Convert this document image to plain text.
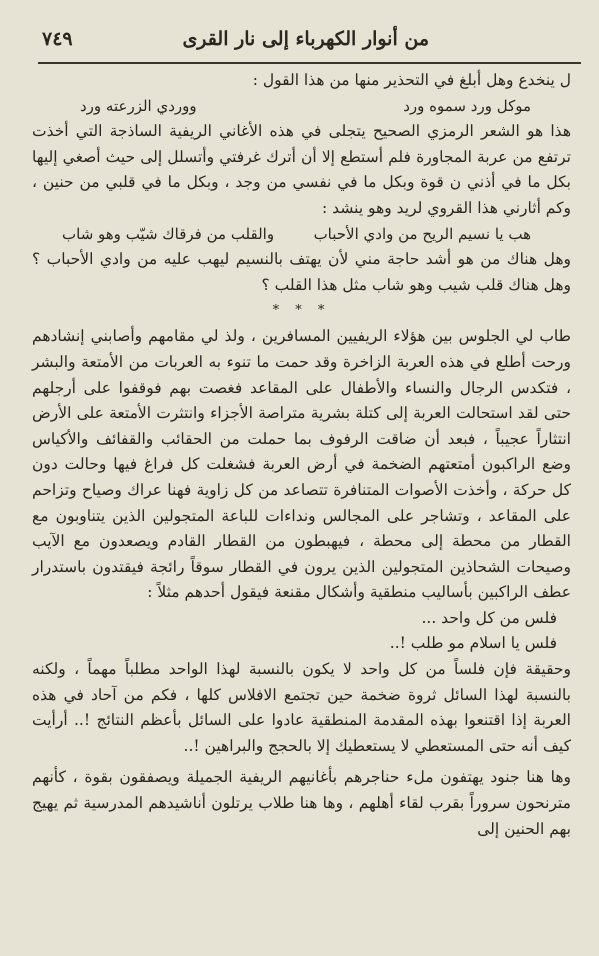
من أنوار الكهرباء إلى نار القرى
٧٤٩

ل ينخدع وهل أبلغ في التحذير منها من هذا القول :

موكل ورد سموه ورد
ووردي الزرعته ورد

هذا هو الشعر الرمزي الصحيح يتجلى في هذه الأغاني الريفية الساذجة التي أخذت ترتفع من عربة المجاورة فلم أستطع إلا أن أترك غرفتي وأتسلل إلى حيث أصغي إليها بكل ما في أذني ن قوة وبكل ما في نفسي من وجد ، وبكل ما في قلبي من حنين ، وكم أثارني هذا القروي لريد وهو ينشد :

هب يا نسيم الريح من وادي الأحباب
والقلب من فرقاك شيّب وهو شاب

وهل هناك من هو أشد حاجة مني لأن يهتف بالنسيم ليهب عليه من وادي الأحباب ؟ وهل هناك قلب شيب وهو شاب مثل هذا القلب ؟

* * *

طاب لي الجلوس بين هؤلاء الريفيين المسافرين ، ولذ لي مقامهم وأصابني إنشادهم ورحت أطلع في هذه العربة الزاخرة وقد حمت ما تنوء به العربات من الأمتعة والبشر ، فتكدس الرجال والنساء والأطفال على المقاعد فغصت بهم فوقفوا على أرجلهم حتى لقد استحالت العربة إلى كتلة بشرية متراصة الأجزاء وانتثرت الأمتعة على الأرض انتثاراً عجيباً ، فبعد أن ضاقت الرفوف بما حملت من الحقائب والقفائف والأكياس وضع الراكبون أمتعتهم الضخمة في أرض العربة فشغلت كل فراغ فيها وحالت دون كل حركة ، وأخذت الأصوات المتنافرة تتصاعد من كل زاوية فهنا عراك وصياح وتزاحم على المقاعد ، وتشاجر على المجالس ونداءات للباعة المتجولين الذين يتناوبون مع القطار من محطة إلى محطة ، فيهبطون من القطار القادم ويصعدون مع الآيب وصيحات الشحاذين المتجولين الذين يرون في القطار سوقاً رائجة فيقتدون باستدرار عطف الراكبين بأساليب منطقية وأشكال مقنعة فيقول أحدهم مثلاً :

فلس من كل واحد ...

فلس يا اسلام مو طلب !..

وحقيقة فإن فلساً من كل واحد لا يكون بالنسبة لهذا الواحد مطلباً مهماً ، ولكنه بالنسبة لهذا السائل ثروة ضخمة حين تجتمع الافلاس كلها ، فكم من آحاد في هذه العربة إذا اقتنعوا بهذه المقدمة المنطقية عادوا على السائل بأعظم النتائج !.. أرأيت كيف أنه حتى المستعطي لا يستعطيك إلا بالحجج والبراهين !..

وها هنا جنود يهتفون ملء حناجرهم بأغانيهم الريفية الجميلة ويصفقون بقوة ، كأنهم مترنحون سروراً بقرب لقاء أهلهم ، وها هنا طلاب يرتلون أناشيدهم المدرسية ثم يهيج بهم الحنين إلى
